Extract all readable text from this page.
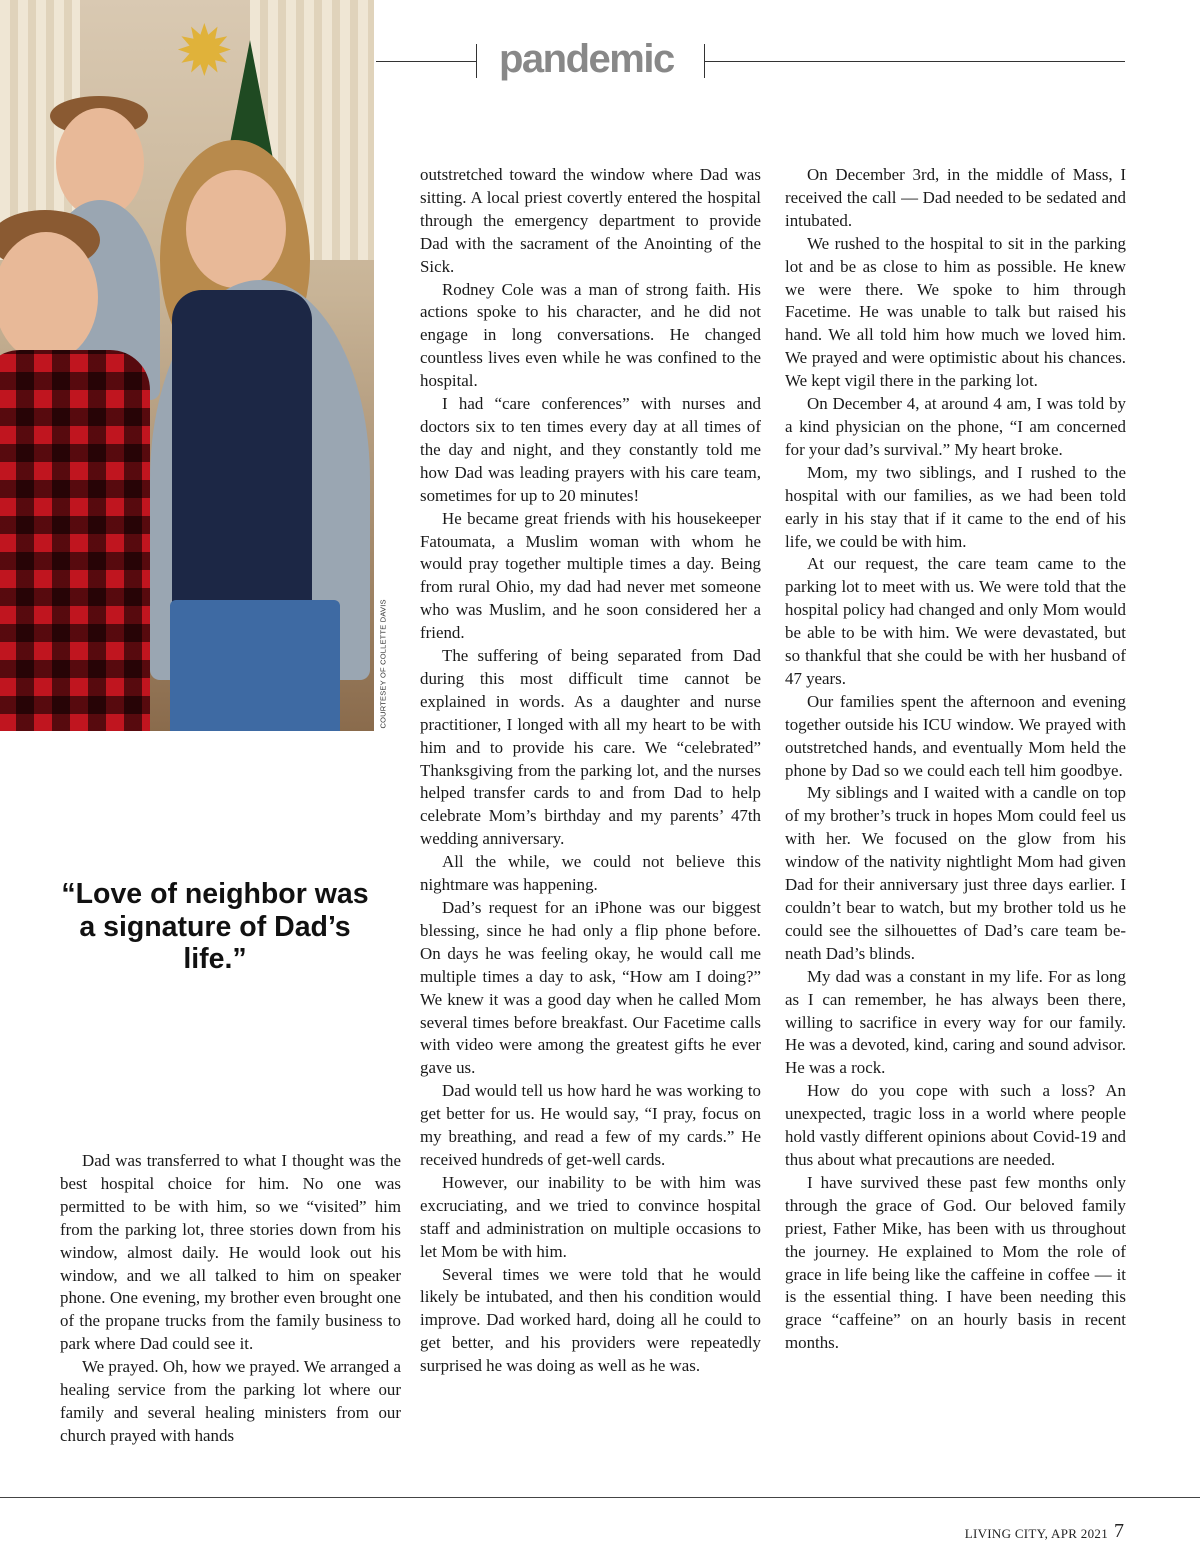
✹
COURTESEY OF COLLETTE DAVIS
pandemic
“Love of neighbor was a signature of Dad’s life.”

Dad was transferred to what I thought was the best hospital choice for him. No one was permitted to be with him, so we “visited” him from the parking lot, three stories down from his window, almost daily. He would look out his window, and we all talked to him on speaker phone. One evening, my brother even brought one of the propane trucks from the family business to park where Dad could see it.

We prayed. Oh, how we prayed. We arranged a healing service from the parking lot where our family and several healing ministers from our church prayed with hands

outstretched toward the window where Dad was sitting. A local priest covertly entered the hospital through the emergency department to provide Dad with the sacrament of the Anointing of the Sick.

Rodney Cole was a man of strong faith. His actions spoke to his character, and he did not engage in long conversations. He changed countless lives even while he was confined to the hospital.

I had “care conferences” with nurses and doctors six to ten times every day at all times of the day and night, and they constantly told me how Dad was leading prayers with his care team, sometimes for up to 20 minutes!

He became great friends with his housekeeper Fatoumata, a Muslim woman with whom he would pray together multiple times a day. Being from rural Ohio, my dad had never met someone who was Muslim, and he soon considered her a friend.

The suffering of being separated from Dad during this most difficult time cannot be explained in words. As a daughter and nurse practitioner, I longed with all my heart to be with him and to provide his care. We “celebrated” Thanksgiving from the parking lot, and the nurses helped transfer cards to and from Dad to help celebrate Mom’s birthday and my parents’ 47th wedding anniversary.

All the while, we could not believe this nightmare was happening.

Dad’s request for an iPhone was our biggest blessing, since he had only a flip phone before. On days he was feeling okay, he would call me multiple times a day to ask, “How am I doing?” We knew it was a good day when he called Mom several times before breakfast. Our Facetime calls with video were among the greatest gifts he ever gave us.

Dad would tell us how hard he was working to get better for us. He would say, “I pray, focus on my breathing, and read a few of my cards.” He received hundreds of get-well cards.

However, our inability to be with him was excruciating, and we tried to convince hospital staff and administration on multiple occasions to let Mom be with him.

Several times we were told that he would likely be intubated, and then his condition would improve. Dad worked hard, doing all he could to get better, and his providers were repeatedly surprised he was doing as well as he was.

On December 3rd, in the middle of Mass, I received the call — Dad needed to be sedated and intubated.

We rushed to the hospital to sit in the parking lot and be as close to him as possible. He knew we were there. We spoke to him through Facetime. He was unable to talk but raised his hand. We all told him how much we loved him. We prayed and were optimistic about his chances. We kept vigil there in the parking lot.

On December 4, at around 4 am, I was told by a kind physician on the phone, “I am concerned for your dad’s survival.” My heart broke.

Mom, my two siblings, and I rushed to the hospital with our families, as we had been told early in his stay that if it came to the end of his life, we could be with him.

At our request, the care team came to the parking lot to meet with us. We were told that the hospital policy had changed and only Mom would be able to be with him. We were devastated, but so thankful that she could be with her husband of 47 years.

Our families spent the afternoon and evening together outside his ICU window. We prayed with outstretched hands, and eventually Mom held the phone by Dad so we could each tell him goodbye.

My siblings and I waited with a candle on top of my brother’s truck in hopes Mom could feel us with her. We focused on the glow from his window of the nativity nightlight Mom had given Dad for their anniversary just three days earlier. I couldn’t bear to watch, but my brother told us he could see the silhouettes of Dad’s care team beneath Dad’s blinds.

My dad was a constant in my life. For as long as I can remember, he has always been there, willing to sacrifice in every way for our family. He was a devoted, kind, caring and sound advisor. He was a rock.

How do you cope with such a loss? An unexpected, tragic loss in a world where people hold vastly different opinions about Covid-19 and thus about what precautions are needed.

I have survived these past few months only through the grace of God. Our beloved family priest, Father Mike, has been with us throughout the journey. He explained to Mom the role of grace in life being like the caffeine in coffee — it is the essential thing. I have been needing this grace “caffeine” on an hourly basis in recent months.

LIVING CITY, APR 2021 7
